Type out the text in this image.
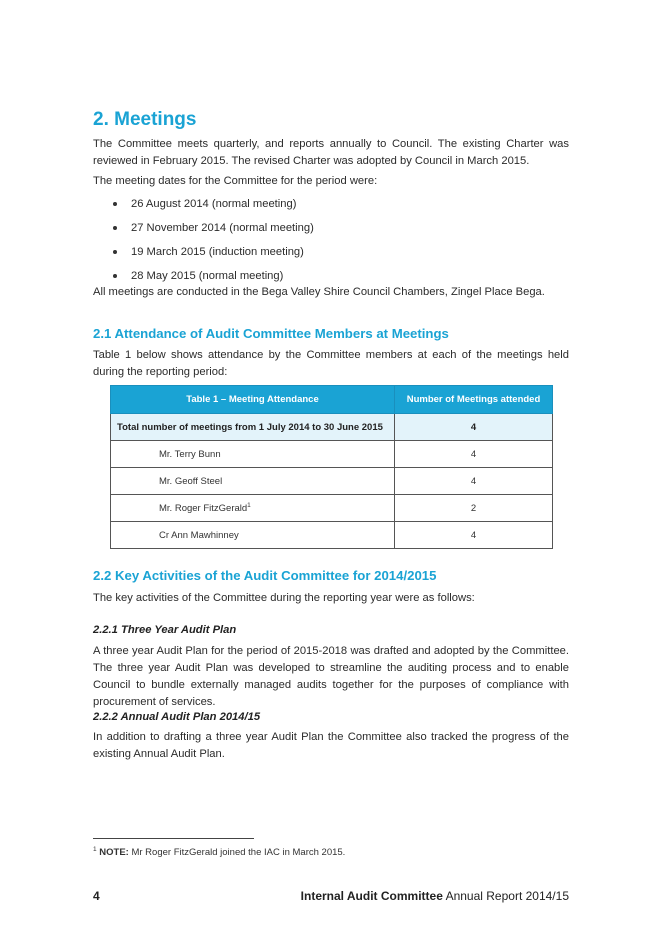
2. Meetings
The Committee meets quarterly, and reports annually to Council. The existing Charter was reviewed in February 2015. The revised Charter was adopted by Council in March 2015.
The meeting dates for the Committee for the period were:
26 August 2014 (normal meeting)
27 November 2014 (normal meeting)
19 March 2015 (induction meeting)
28 May 2015 (normal meeting)
All meetings are conducted in the Bega Valley Shire Council Chambers, Zingel Place Bega.
2.1 Attendance of Audit Committee Members at Meetings
Table 1 below shows attendance by the Committee members at each of the meetings held during the reporting period:
Table 1 – Meeting Attendance	Number of Meetings attended
Total number of meetings from 1 July 2014 to 30 June 2015	4
Mr. Terry Bunn	4
Mr. Geoff Steel	4
Mr. Roger FitzGerald$^1$	2
Cr Ann Mawhinney	4
2.2 Key Activities of the Audit Committee for 2014/2015
The key activities of the Committee during the reporting year were as follows:
2.2.1 Three Year Audit Plan
A three year Audit Plan for the period of 2015-2018 was drafted and adopted by the Committee. The three year Audit Plan was developed to streamline the auditing process and to enable Council to bundle externally managed audits together for the purposes of compliance with procurement of services.
2.2.2 Annual Audit Plan 2014/15
In addition to drafting a three year Audit Plan the Committee also tracked the progress of the existing Annual Audit Plan.
$^1$ NOTE: Mr Roger FitzGerald joined the IAC in March 2015.
4	Internal Audit Committee Annual Report 2014/15
